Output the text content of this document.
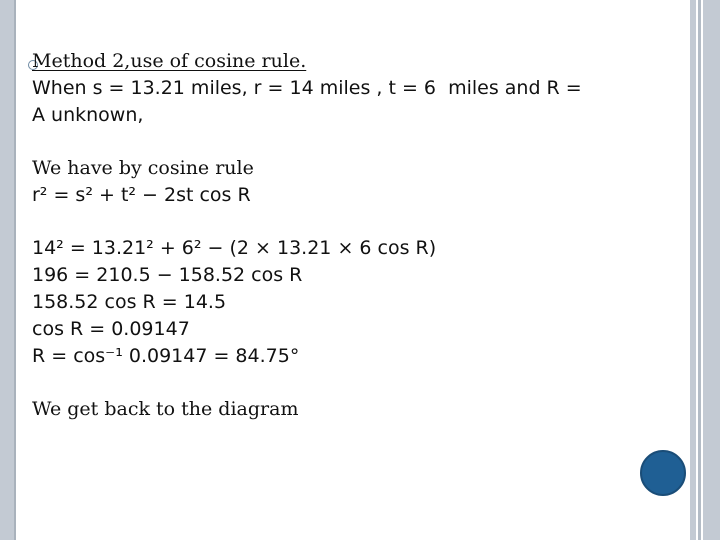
Method 2,use of cosine rule.
When s = 13.21 miles, r = 14 miles , t = 6  miles and R =
A unknown,
We have by cosine rule
r² = s² + t² − 2st cos R
14² = 13.21² + 6² − (2 × 13.21 × 6 cos R)
196 = 210.5 − 158.52 cos R
158.52 cos R = 14.5
cos R = 0.09147
R = cos⁻¹ 0.09147 = 84.75°
We get back to the diagram
